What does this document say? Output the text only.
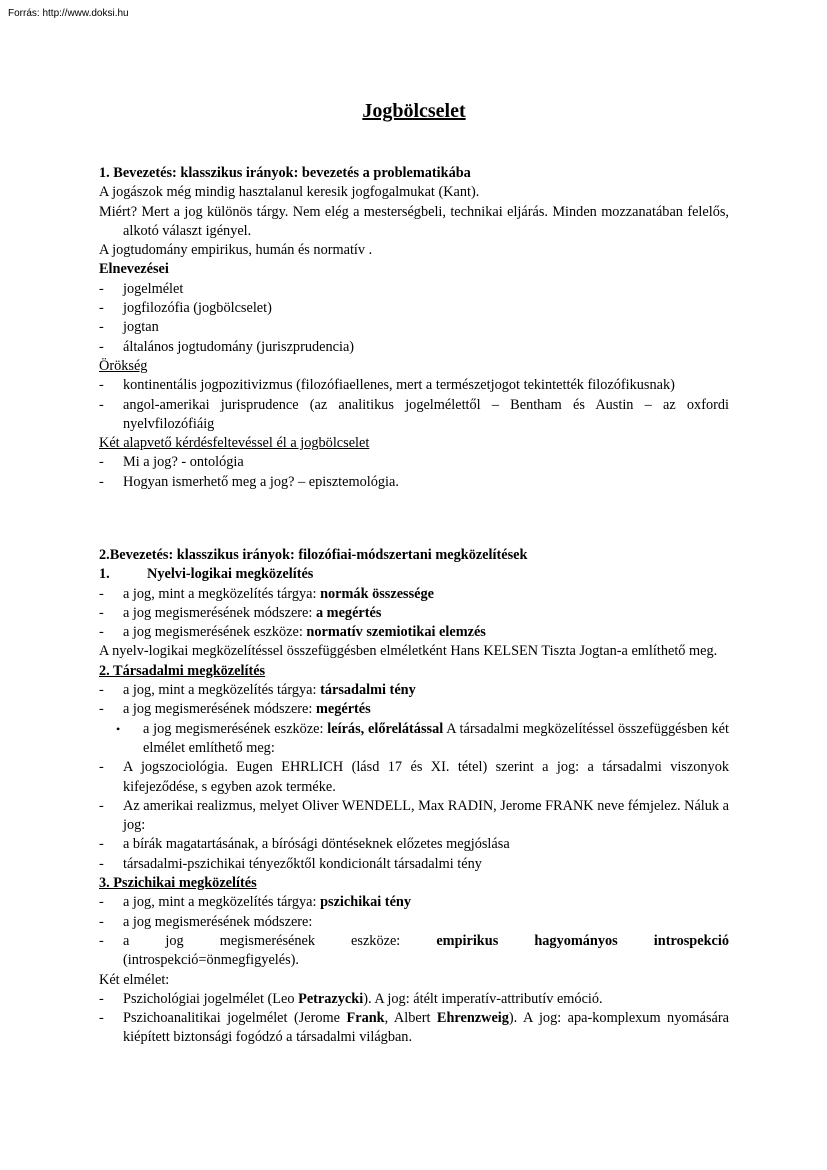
Forrás: http://www.doksi.hu
Jogbölcselet

1. Bevezetés: klasszikus irányok: bevezetés a problematikába

A jogászok még mindig hasztalanul keresik jogfogalmukat (Kant).

Miért? Mert a jog különös tárgy. Nem elég a mesterségbeli, technikai eljárás. Minden mozzanatában felelős, alkotó választ igényel.

A jogtudomány empirikus, humán és normatív .

Elnevezései

-	jogelmélet
-	jogfilozófia (jogbölcselet)
-	jogtan
-	általános jogtudomány (juriszprudencia)

Örökség

-	kontinentális jogpozitivizmus (filozófiaellenes, mert a természetjogot tekintették filozófikusnak)
-	angol-amerikai jurisprudence (az analitikus jogelmélettől – Bentham és Austin – az oxfordi nyelvfilozófiáig

Két alapvető kérdésfeltevéssel él a jogbölcselet

-	Mi a jog? - ontológia
-	Hogyan ismerhető meg a jog? – episztemológia.

2.Bevezetés: klasszikus irányok: filozófiai-módszertani megközelítések

1.	Nyelvi-logikai megközelítés
-	a jog, mint a megközelítés tárgya: normák összessége
-	a jog megismerésének módszere: a megértés
-	a jog megismerésének eszköze: normatív szemiotikai elemzés

A nyelv-logikai megközelítéssel összefüggésben elméletként Hans KELSEN Tiszta Jogtan-a említhető meg.

2. Társadalmi megközelítés

-	a jog, mint a megközelítés tárgya: társadalmi tény
-	a jog megismerésének módszere: megértés
•	a jog megismerésének eszköze: leírás, előrelátással A társadalmi megközelítéssel összefüggésben két elmélet említhető meg:
-	A jogszociológia. Eugen EHRLICH (lásd 17 és XI. tétel) szerint a jog: a társadalmi viszonyok kifejeződése, s egyben azok terméke.
-	Az amerikai realizmus, melyet Oliver WENDELL, Max RADIN, Jerome FRANK neve fémjelez. Náluk a jog:
-	a bírák magatartásának, a bírósági döntéseknek előzetes megjóslása
-	társadalmi-pszichikai tényezőktől kondicionált társadalmi tény

3. Pszichikai megközelítés

-	a jog, mint a megközelítés tárgya: pszichikai tény
-	a jog megismerésének módszere:
-	a jog megismerésének eszköze: empirikus hagyományos introspekció
(introspekció=önmegfigyelés).

Két elmélet:

-	Pszichológiai jogelmélet (Leo Petrazycki). A jog: átélt imperatív-attributív emóció.
-	Pszichoanalitikai jogelmélet (Jerome Frank, Albert Ehrenzweig). A jog: apa-komplexum nyomására kiépített biztonsági fogódzó a társadalmi világban.
